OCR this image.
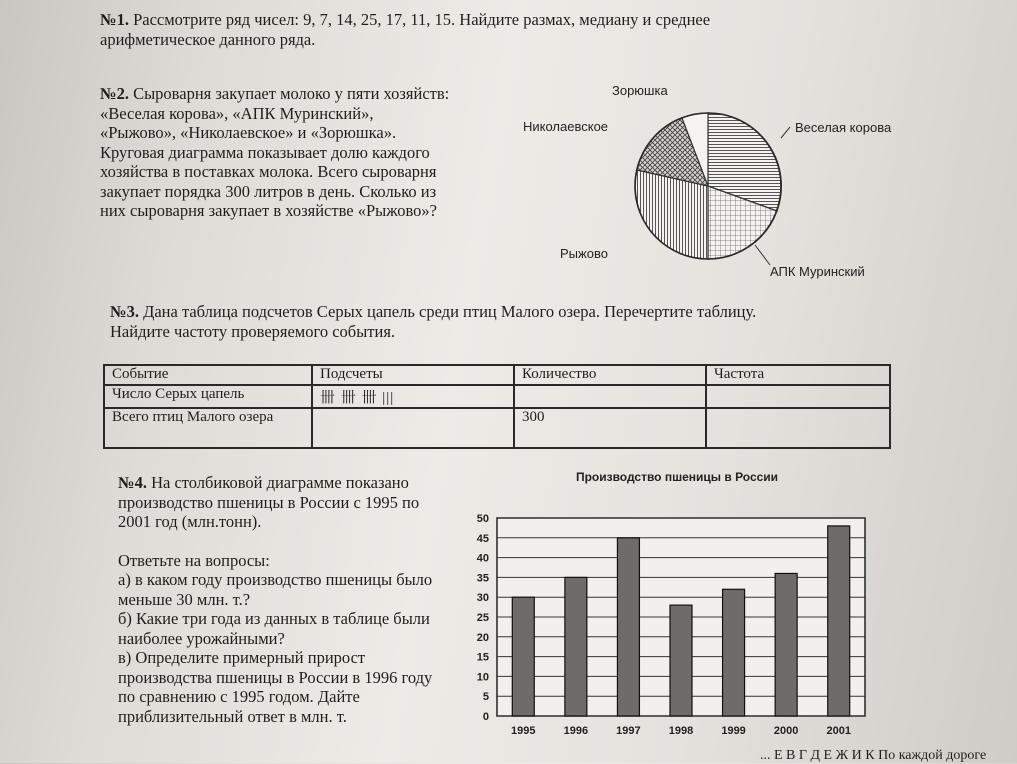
№1. Рассмотрите ряд чисел: 9, 7, 14, 25, 17, 11, 15. Найдите размах, медиану и среднее арифметическое данного ряда.
№2. Сыроварня закупает молоко у пяти хозяйств:
«Веселая корова», «АПК Муринский»,
«Рыжово», «Николаевское» и «Зорюшка».
Круговая диаграмма показывает долю каждого
хозяйства в поставках молока. Всего сыроварня
закупает порядка 300 литров в день. Сколько из
них сыроварня закупает в хозяйстве «Рыжово»?
Зорюшка
Николаевское	Веселая корова
Рыжово
АПК Муринский
№3. Дана таблица подсчетов Серых цапель среди птиц Малого озера. Перечертите таблицу.
Найдите частоту проверяемого события.
Событие	Подсчеты	Количество	Частота
Число Серых цапель	卌 卌 卌 |||		
Всего птиц Малого озера		300	
№4. На столбиковой диаграмме показано производство пшеницы в России с 1995 по 2001 год (млн.тонн).
Ответьте на вопросы:
а) в каком году производство пшеницы было меньше 30 млн. т.?
б) Какие три года из данных в таблице были наиболее урожайными?
в) Определите примерный прирост производства пшеницы в России в 1996 году по сравнению с 1995 годом. Дайте приблизительный ответ в млн. т.
Производство пшеницы в России
0
5
10
15
20
25
30
35
40
45
50
1995	1996	1997	1998	1999	2000	2001
... Е В Г Д Е Ж И К По каждой дороге
